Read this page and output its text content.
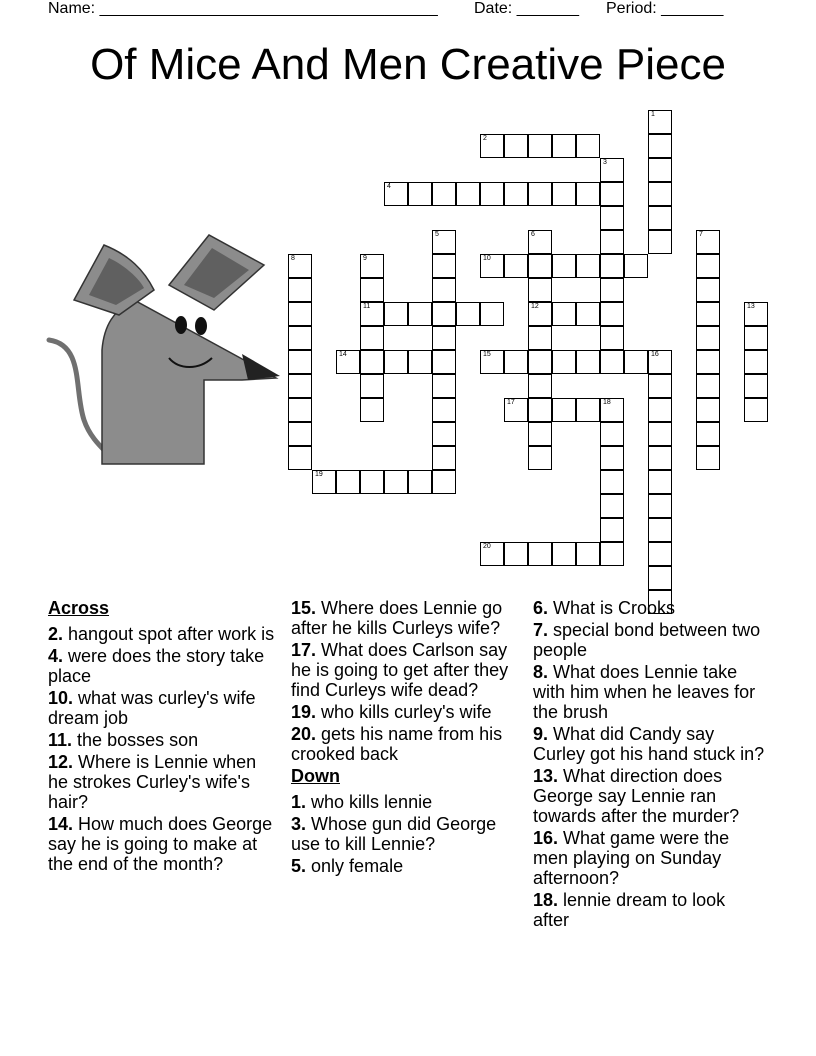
Name: ______________________________________ Date: _______ Period: _______
Of Mice And Men Creative Piece
1
2
3
4
5	6
12
7
8	9
11
10
13
14	15	16
17	18
19
20
Across
2. hangout spot after work is
4. were does the story take place
10. what was curley's wife dream job
11. the bosses son
12. Where is Lennie when he strokes Curley's wife's hair?
14. How much does George say he is going to make at the end of the month?
15. Where does Lennie go after he kills Curleys wife?
17. What does Carlson say he is going to get after they find Curleys wife dead?
19. who kills curley's wife
20. gets his name from his crooked back
Down
1. who kills lennie
3. Whose gun did George use to kill Lennie?
5. only female
6. What is Crooks
7. special bond between two people
8. What does Lennie take with him when he leaves for the brush
9. What did Candy say Curley got his hand stuck in?
13. What direction does George say Lennie ran towards after the murder?
16. What game were the men playing on Sunday afternoon?
18. lennie dream to look after
